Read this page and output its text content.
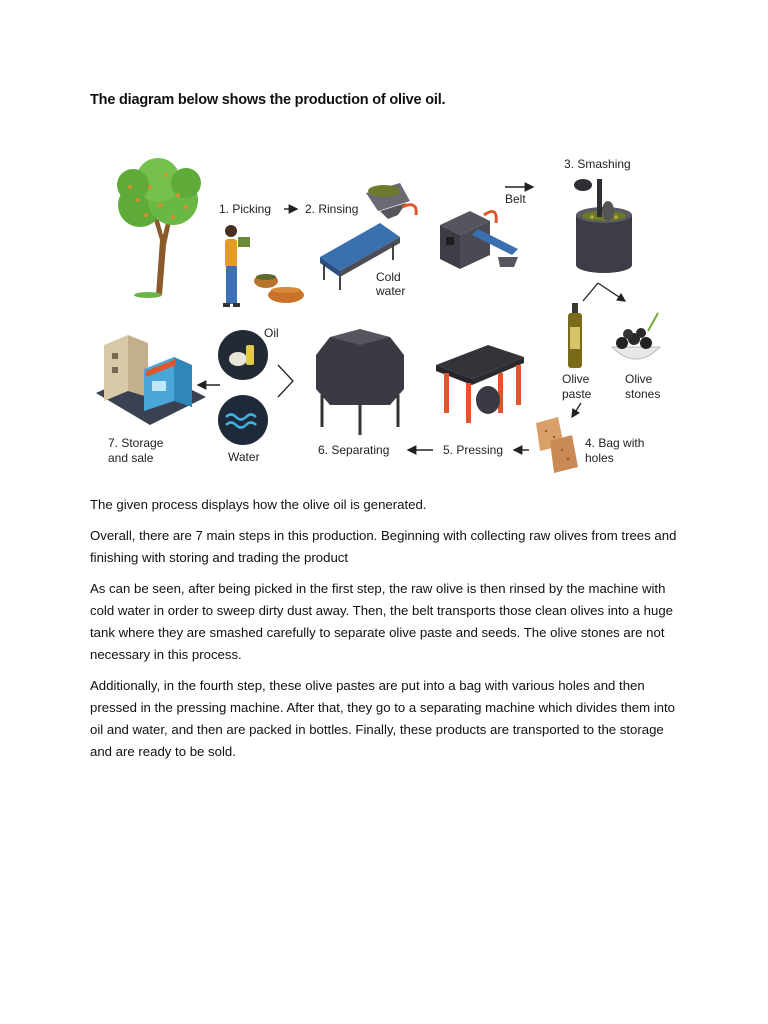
The diagram below shows the production of olive oil.
1. Picking	2. Rinsing
Cold
water
Belt
3. Smashing
Olive
paste
Olive
stones
4. Bag with
holes
5. Pressing
6. Separating
Oil
Water
7. Storage
and sale

The given process displays how the olive oil is generated.

Overall, there are 7 main steps in this production. Beginning with collecting raw olives from trees and finishing with storing and trading the product

As can be seen, after being picked in the first step, the raw olive is then rinsed by the machine with cold water in order to sweep dirty dust away. Then, the belt transports those clean olives into a huge tank where they are smashed carefully to separate olive paste and seeds. The olive stones are not necessary in this process.

Additionally, in the fourth step, these olive pastes are put into a bag with various holes and then pressed in the pressing machine. After that, they go to a separating machine which divides them into oil and water, and then are packed in bottles. Finally, these products are transported to the storage and are ready to be sold.
